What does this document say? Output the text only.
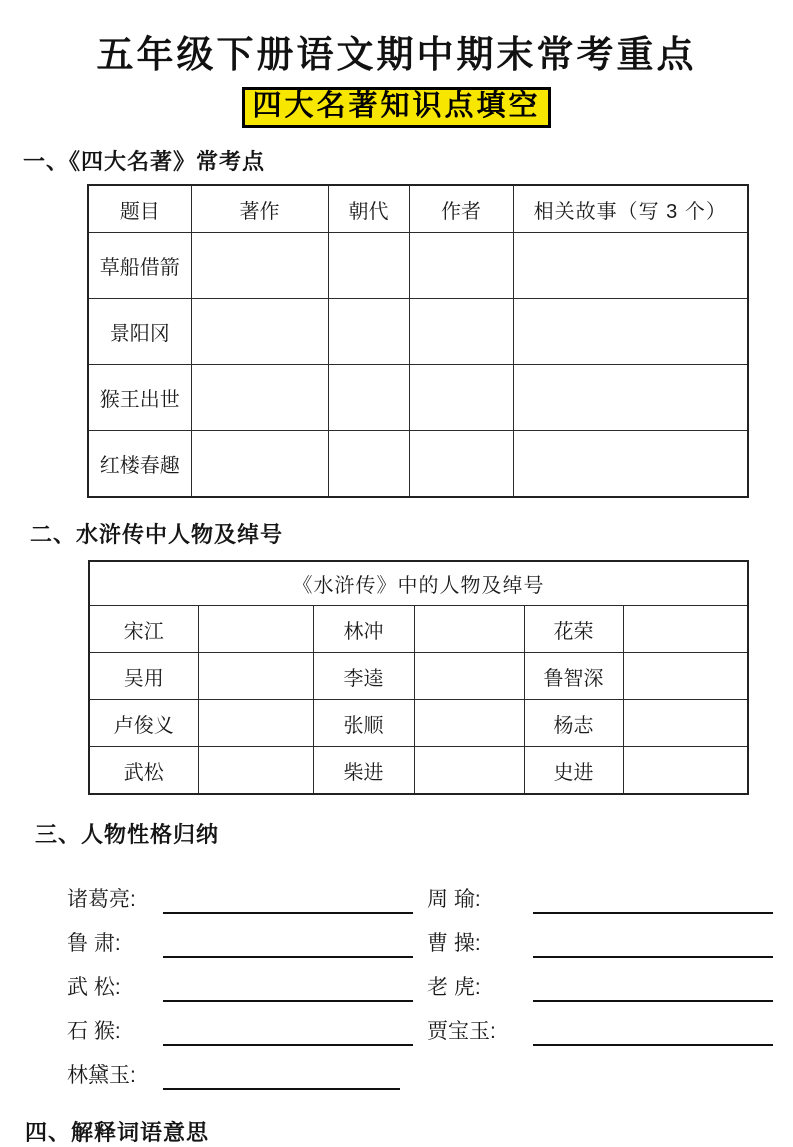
五年级下册语文期中期末常考重点
四大名著知识点填空
一、《四大名著》常考点
题目	著作	朝代	作者	相关故事（写 3 个）
草船借箭				
景阳冈				
猴王出世				
红楼春趣				
二、水浒传中人物及绰号
《水浒传》中的人物及绰号					
宋江		林冲		花荣	
吴用		李逵		鲁智深	
卢俊义		张顺		杨志	
武松		柴进		史进	
三、人物性格归纳
诸葛亮:	周 瑜:
鲁 肃:	曹 操:
武 松:	老 虎:
石 猴:	贾宝玉:
林黛玉:
四、解释词语意思
